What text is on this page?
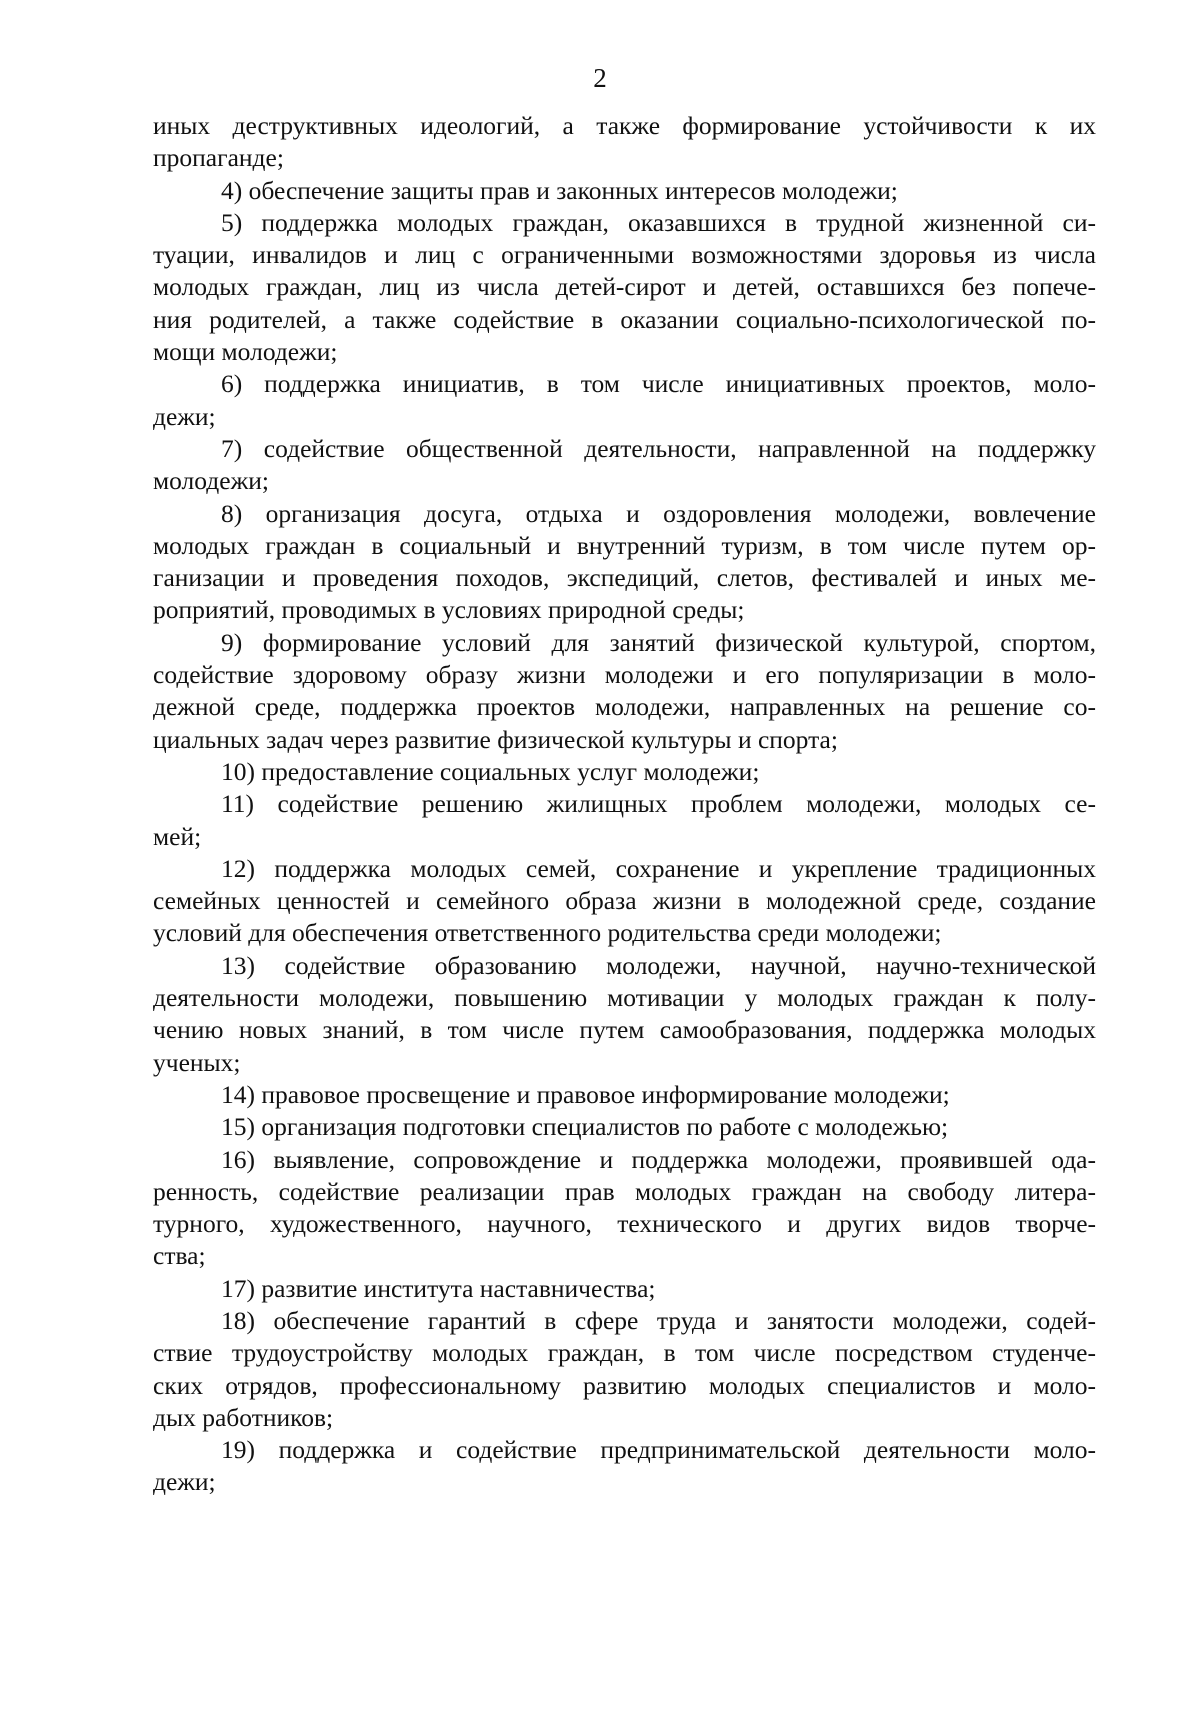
2
иных деструктивных идеологий, а также формирование устойчивости к их
пропаганде;
4) обеспечение защиты прав и законных интересов молодежи;
5) поддержка молодых граждан, оказавшихся в трудной жизненной си-
туации, инвалидов и лиц с ограниченными возможностями здоровья из числа
молодых граждан, лиц из числа детей-сирот и детей, оставшихся без попече-
ния родителей, а также содействие в оказании социально-психологической по-
мощи молодежи;
6) поддержка инициатив, в том числе инициативных проектов, моло-
дежи;
7) содействие общественной деятельности, направленной на поддержку
молодежи;
8) организация досуга, отдыха и оздоровления молодежи, вовлечение
молодых граждан в социальный и внутренний туризм, в том числе путем ор-
ганизации и проведения походов, экспедиций, слетов, фестивалей и иных ме-
роприятий, проводимых в условиях природной среды;
9) формирование условий для занятий физической культурой, спортом,
содействие здоровому образу жизни молодежи и его популяризации в моло-
дежной среде, поддержка проектов молодежи, направленных на решение со-
циальных задач через развитие физической культуры и спорта;
10) предоставление социальных услуг молодежи;
11) содействие решению жилищных проблем молодежи, молодых се-
мей;
12) поддержка молодых семей, сохранение и укрепление традиционных
семейных ценностей и семейного образа жизни в молодежной среде, создание
условий для обеспечения ответственного родительства среди молодежи;
13) содействие образованию молодежи, научной, научно-технической
деятельности молодежи, повышению мотивации у молодых граждан к полу-
чению новых знаний, в том числе путем самообразования, поддержка молодых
ученых;
14) правовое просвещение и правовое информирование молодежи;
15) организация подготовки специалистов по работе с молодежью;
16) выявление, сопровождение и поддержка молодежи, проявившей ода-
ренность, содействие реализации прав молодых граждан на свободу литера-
турного, художественного, научного, технического и других видов творче-
ства;
17) развитие института наставничества;
18) обеспечение гарантий в сфере труда и занятости молодежи, содей-
ствие трудоустройству молодых граждан, в том числе посредством студенче-
ских отрядов, профессиональному развитию молодых специалистов и моло-
дых работников;
19) поддержка и содействие предпринимательской деятельности моло-
дежи;
